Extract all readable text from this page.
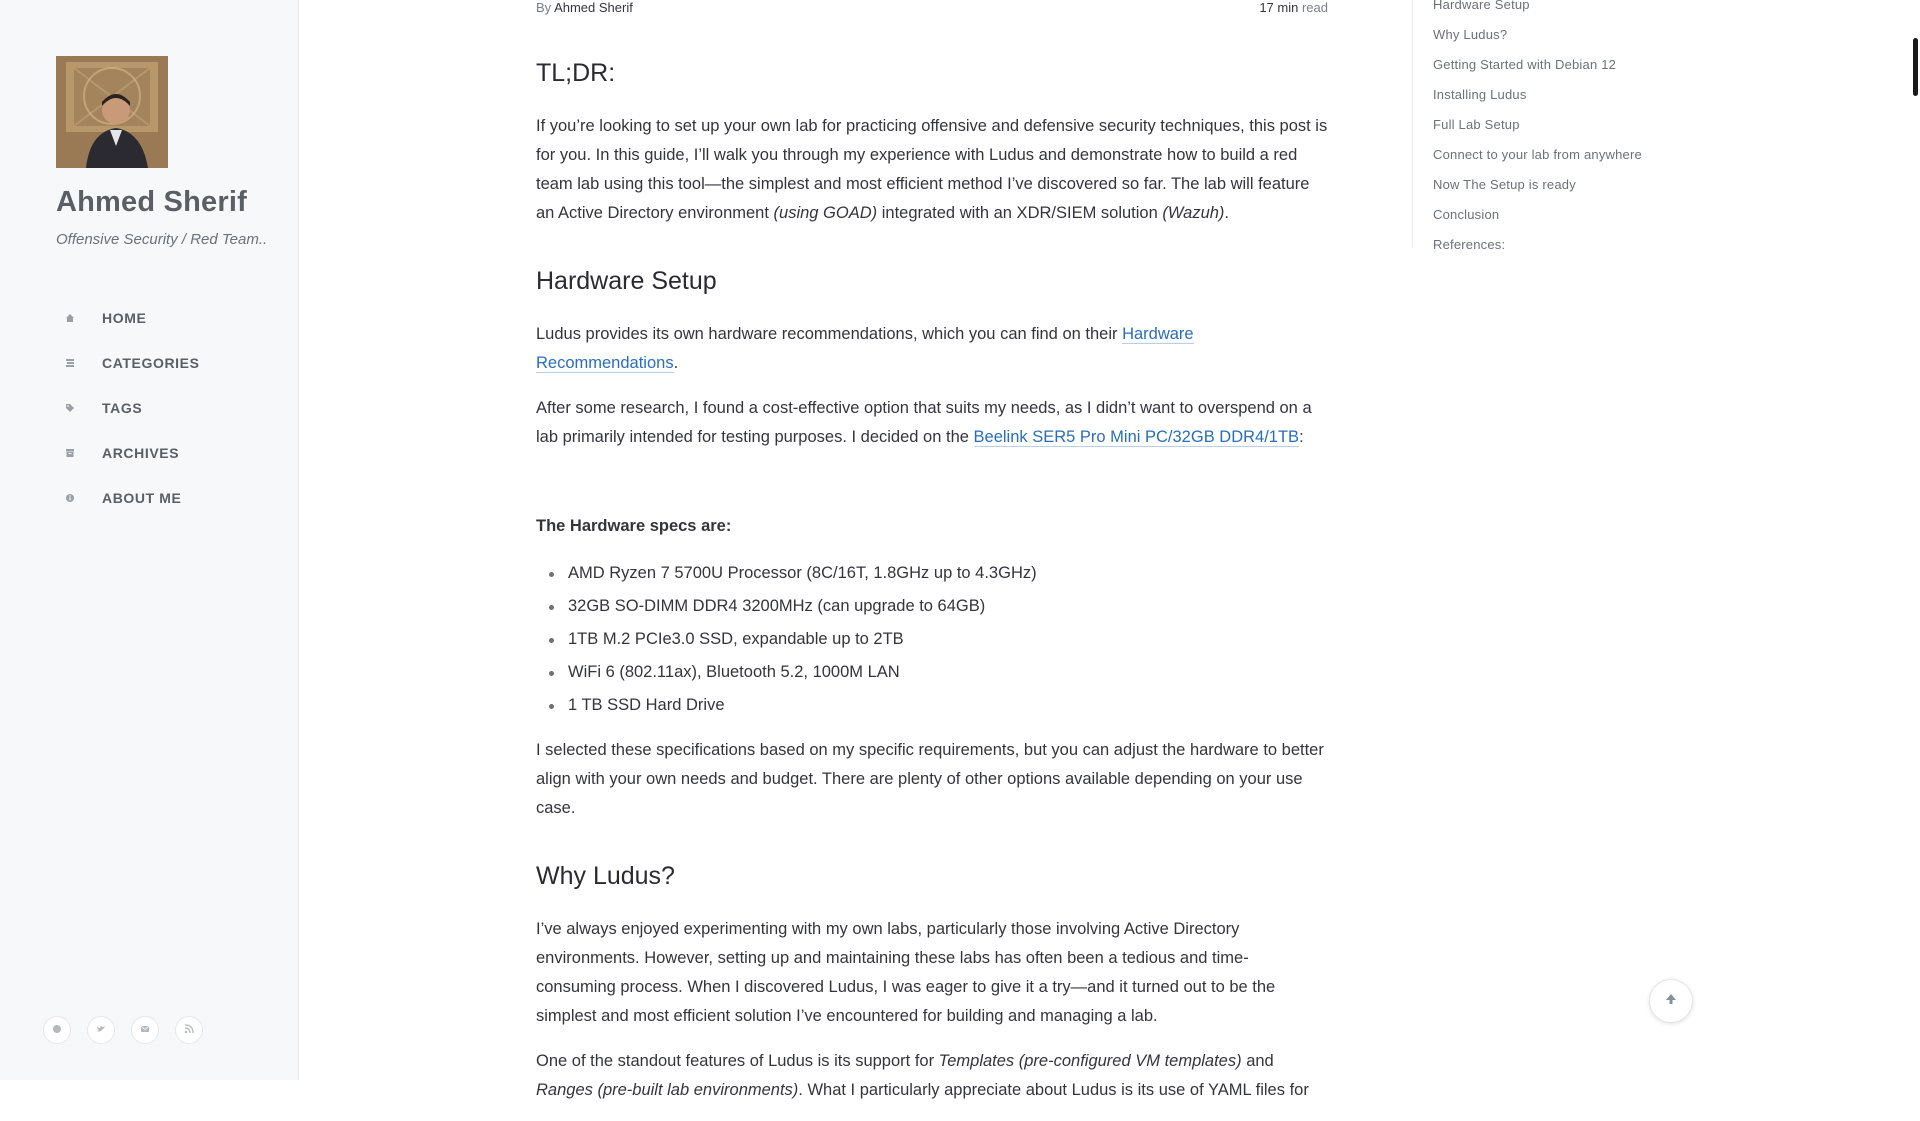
Ahmed Sherif
Offensive Security / Red Team..
HOME
CATEGORIES
TAGS
ARCHIVES
ABOUT ME
By Ahmed Sherif	17 min read
TL;DR:

If you’re looking to set up your own lab for practicing offensive and defensive security techniques, this post is for you. In this guide, I’ll walk you through my experience with Ludus and demonstrate how to build a red team lab using this tool—the simplest and most efficient method I’ve discovered so far. The lab will feature an Active Directory environment (using GOAD) integrated with an XDR/SIEM solution (Wazuh).

Hardware Setup

Ludus provides its own hardware recommendations, which you can find on their Hardware Recommendations.

After some research, I found a cost-effective option that suits my needs, as I didn’t want to overspend on a lab primarily intended for testing purposes. I decided on the Beelink SER5 Pro Mini PC/32GB DDR4/1TB:

The Hardware specs are:

AMD Ryzen 7 5700U Processor (8C/16T, 1.8GHz up to 4.3GHz)
32GB SO-DIMM DDR4 3200MHz (can upgrade to 64GB)
1TB M.2 PCIe3.0 SSD, expandable up to 2TB
WiFi 6 (802.11ax), Bluetooth 5.2, 1000M LAN
1 TB SSD Hard Drive

I selected these specifications based on my specific requirements, but you can adjust the hardware to better align with your own needs and budget. There are plenty of other options available depending on your use case.

Why Ludus?

I’ve always enjoyed experimenting with my own labs, particularly those involving Active Directory environments. However, setting up and maintaining these labs has often been a tedious and time-consuming process. When I discovered Ludus, I was eager to give it a try—and it turned out to be the simplest and most efficient solution I’ve encountered for building and managing a lab.

One of the standout features of Ludus is its support for Templates (pre-configured VM templates) and Ranges (pre-built lab environments). What I particularly appreciate about Ludus is its use of YAML files for

Hardware Setup
Why Ludus?
Getting Started with Debian 12
Installing Ludus
Full Lab Setup
Connect to your lab from anywhere
Now The Setup is ready
Conclusion
References:
